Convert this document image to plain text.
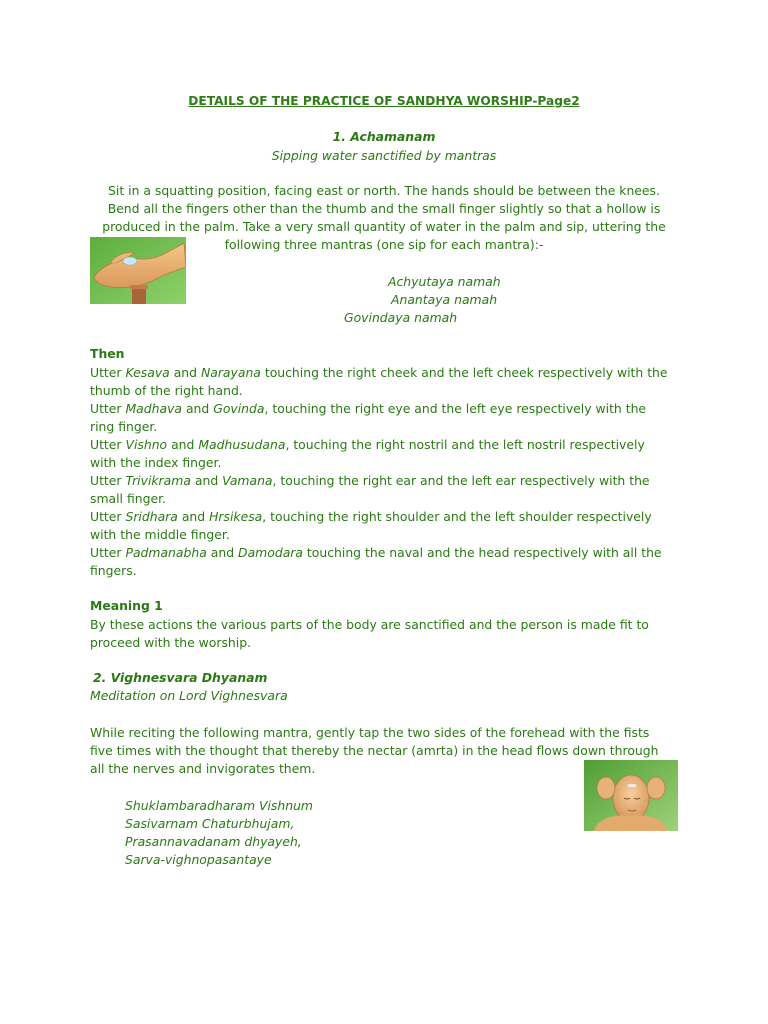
DETAILS OF THE PRACTICE OF SANDHYA WORSHIP-Page2
1. Achamanam
Sipping water sanctified by mantras
Sit in a squatting position, facing east or north. The hands should be between the knees.
Bend all the fingers other than the thumb and the small finger slightly so that a hollow is
produced in the palm. Take a very small quantity of water in the palm and sip, uttering the
following three mantras (one sip for each mantra):-
Achyutaya namah
Anantaya namah
Govindaya namah
Then
Utter Kesava and Narayana touching the right cheek and the left cheek respectively with the
thumb of the right hand.
Utter Madhava and Govinda, touching the right eye and the left eye respectively with the
ring finger.
Utter Vishno and Madhusudana, touching the right nostril and the left nostril respectively
with the index finger.
Utter Trivikrama and Vamana, touching the right ear and the left ear respectively with the
small finger.
Utter Sridhara and Hrsikesa, touching the right shoulder and the left shoulder respectively
with the middle finger.
Utter Padmanabha and Damodara touching the naval and the head respectively with all the
fingers.
Meaning 1
By these actions the various parts of the body are sanctified and the person is made fit to
proceed with the worship.
2. Vighnesvara Dhyanam
Meditation on Lord Vighnesvara
While reciting the following mantra, gently tap the two sides of the forehead with the fists
five times with the thought that thereby the nectar (amrta) in the head flows down through
all the nerves and invigorates them.
Shuklambaradharam Vishnum
Sasivarnam Chaturbhujam,
Prasannavadanam dhyayeh,
Sarva-vighnopasantaye
